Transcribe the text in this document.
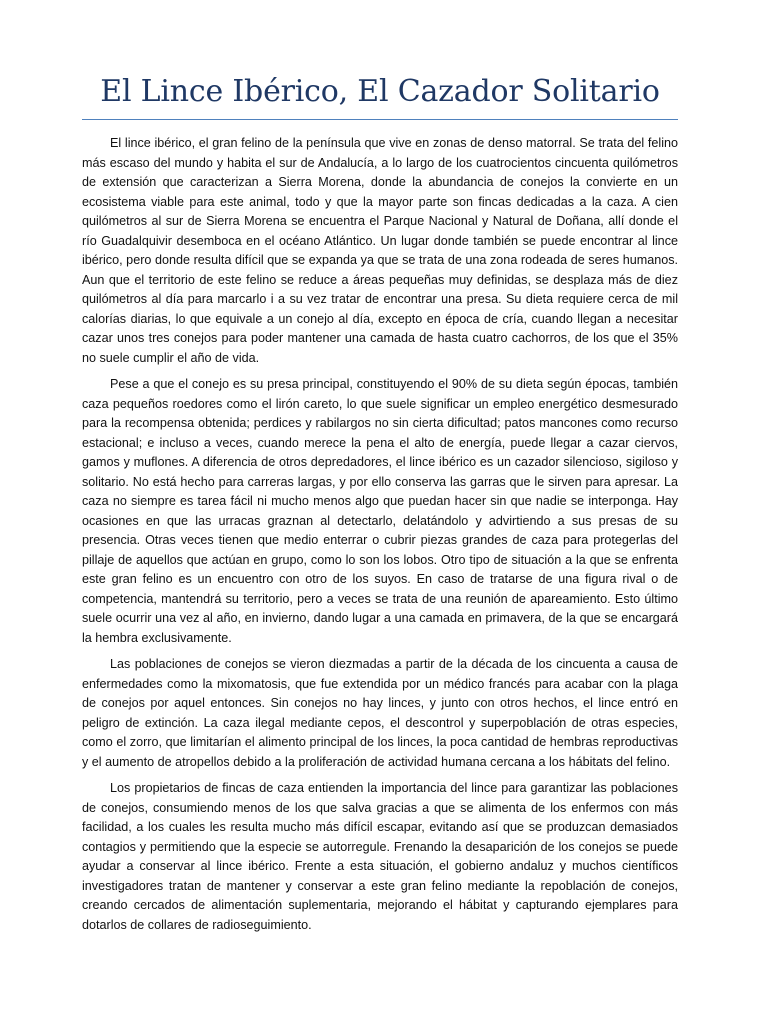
El Lince Ibérico, El Cazador Solitario

El lince ibérico, el gran felino de la península que vive en zonas de denso matorral. Se trata del felino más escaso del mundo y habita el sur de Andalucía, a lo largo de los cuatrocientos cincuenta quilómetros de extensión que caracterizan a Sierra Morena, donde la abundancia de conejos la convierte en un ecosistema viable para este animal, todo y que la mayor parte son fincas dedicadas a la caza. A cien quilómetros al sur de Sierra Morena se encuentra el Parque Nacional y Natural de Doñana, allí donde el río Guadalquivir desemboca en el océano Atlántico. Un lugar donde también se puede encontrar al lince ibérico, pero donde resulta difícil que se expanda ya que se trata de una zona rodeada de seres humanos. Aun que el territorio de este felino se reduce a áreas pequeñas muy definidas, se desplaza más de diez quilómetros al día para marcarlo i a su vez tratar de encontrar una presa. Su dieta requiere cerca de mil calorías diarias, lo que equivale a un conejo al día, excepto en época de cría, cuando llegan a necesitar cazar unos tres conejos para poder mantener una camada de hasta cuatro cachorros, de los que el 35% no suele cumplir el año de vida.

Pese a que el conejo es su presa principal, constituyendo el 90% de su dieta según épocas, también caza pequeños roedores como el lirón careto, lo que suele significar un empleo energético desmesurado para la recompensa obtenida; perdices y rabilargos no sin cierta dificultad; patos mancones como recurso estacional; e incluso a veces, cuando merece la pena el alto de energía, puede llegar a cazar ciervos, gamos y muflones. A diferencia de otros depredadores, el lince ibérico es un cazador silencioso, sigiloso y solitario. No está hecho para carreras largas, y por ello conserva las garras que le sirven para apresar. La caza no siempre es tarea fácil ni mucho menos algo que puedan hacer sin que nadie se interponga. Hay ocasiones en que las urracas graznan al detectarlo, delatándolo y advirtiendo a sus presas de su presencia. Otras veces tienen que medio enterrar o cubrir piezas grandes de caza para protegerlas del pillaje de aquellos que actúan en grupo, como lo son los lobos. Otro tipo de situación a la que se enfrenta este gran felino es un encuentro con otro de los suyos. En caso de tratarse de una figura rival o de competencia, mantendrá su territorio, pero a veces se trata de una reunión de apareamiento. Esto último suele ocurrir una vez al año, en invierno, dando lugar a una camada en primavera, de la que se encargará la hembra exclusivamente.

Las poblaciones de conejos se vieron diezmadas a partir de la década de los cincuenta a causa de enfermedades como la mixomatosis, que fue extendida por un médico francés para acabar con la plaga de conejos por aquel entonces. Sin conejos no hay linces, y junto con otros hechos, el lince entró en peligro de extinción. La caza ilegal mediante cepos, el descontrol y superpoblación de otras especies, como el zorro, que limitarían el alimento principal de los linces, la poca cantidad de hembras reproductivas y el aumento de atropellos debido a la proliferación de actividad humana cercana a los hábitats del felino.

Los propietarios de fincas de caza entienden la importancia del lince para garantizar las poblaciones de conejos, consumiendo menos de los que salva gracias a que se alimenta de los enfermos con más facilidad, a los cuales les resulta mucho más difícil escapar, evitando así que se produzcan demasiados contagios y permitiendo que la especie se autorregule. Frenando la desaparición de los conejos se puede ayudar a conservar al lince ibérico. Frente a esta situación, el gobierno andaluz y muchos científicos investigadores tratan de mantener y conservar a este gran felino mediante la repoblación de conejos, creando cercados de alimentación suplementaria, mejorando el hábitat y capturando ejemplares para dotarlos de collares de radioseguimiento.
